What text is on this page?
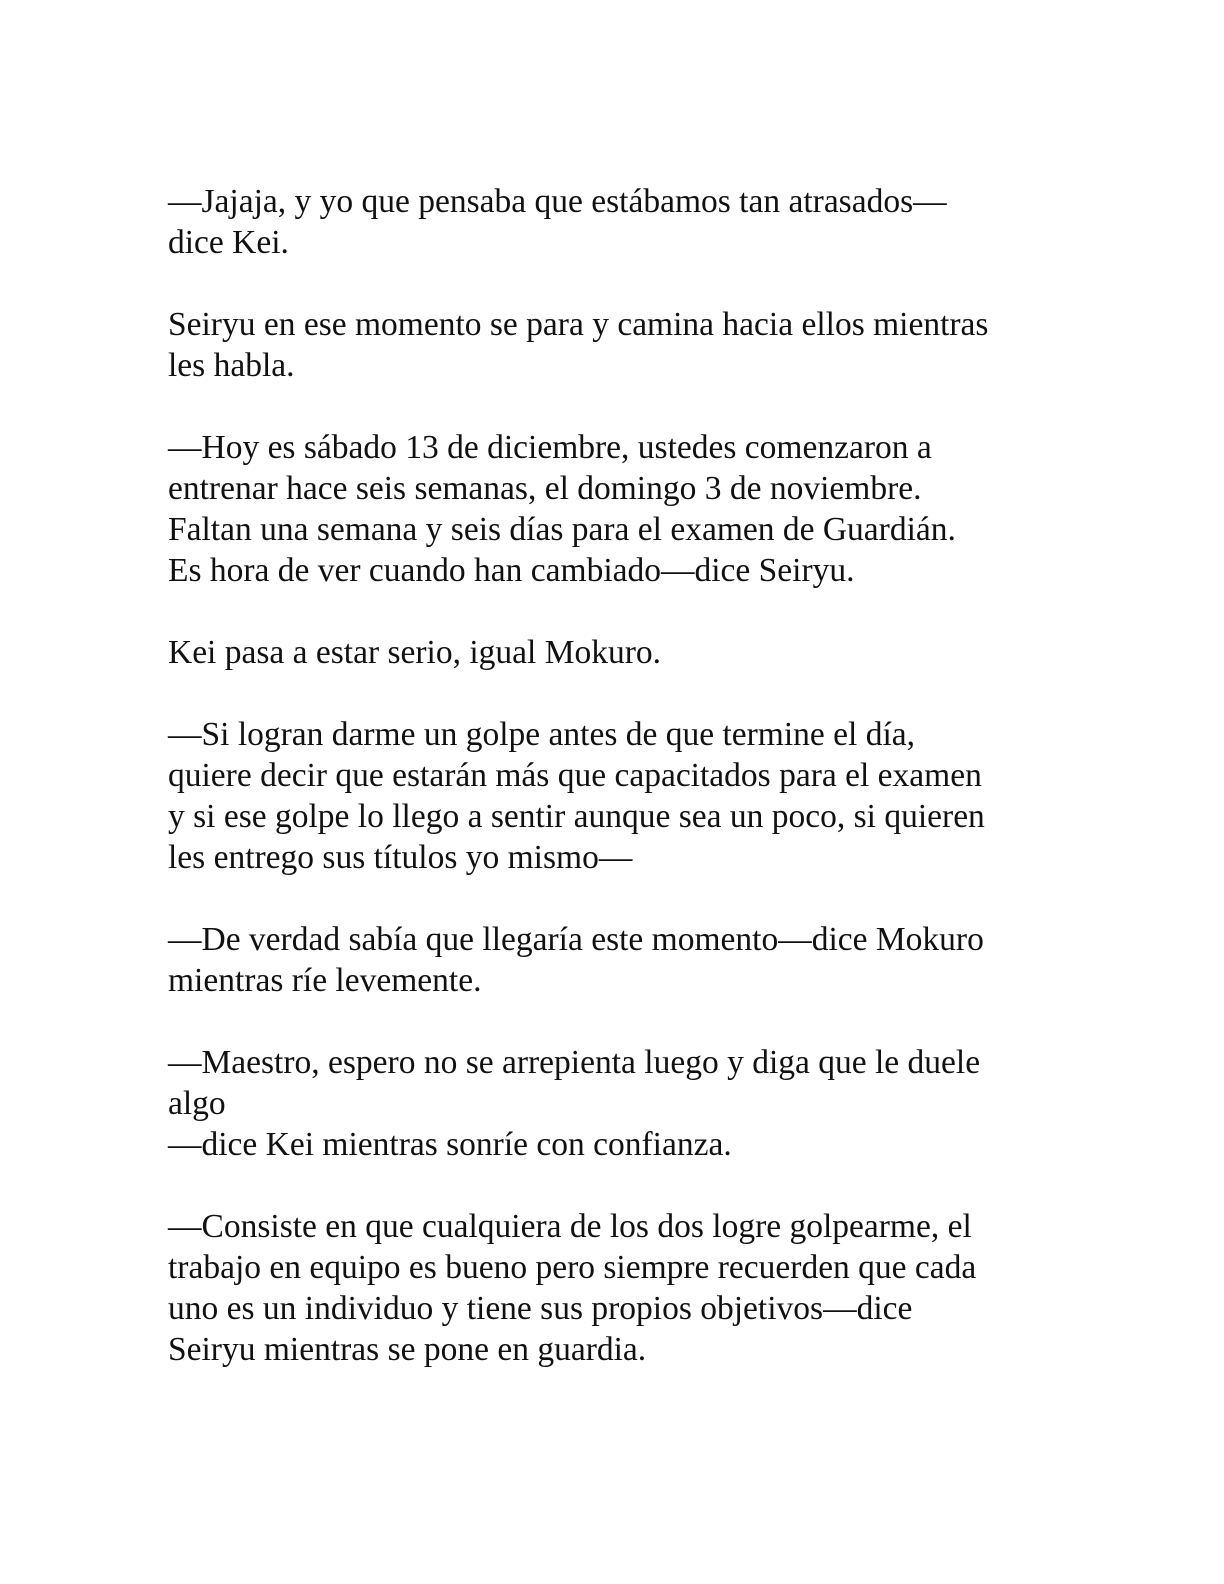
—Jajaja, y yo que pensaba que estábamos tan atrasados—
dice Kei.

Seiryu en ese momento se para y camina hacia ellos mientras
les habla.

—Hoy es sábado 13 de diciembre, ustedes comenzaron a
entrenar hace seis semanas, el domingo 3 de noviembre.
Faltan una semana y seis días para el examen de Guardián.
Es hora de ver cuando han cambiado—dice Seiryu.

Kei pasa a estar serio, igual Mokuro.

—Si logran darme un golpe antes de que termine el día,
quiere decir que estarán más que capacitados para el examen
y si ese golpe lo llego a sentir aunque sea un poco, si quieren
les entrego sus títulos yo mismo—

—De verdad sabía que llegaría este momento—dice Mokuro
mientras ríe levemente.

—Maestro, espero no se arrepienta luego y diga que le duele
algo
—dice Kei mientras sonríe con confianza.

—Consiste en que cualquiera de los dos logre golpearme, el
trabajo en equipo es bueno pero siempre recuerden que cada
uno es un individuo y tiene sus propios objetivos—dice
Seiryu mientras se pone en guardia.
